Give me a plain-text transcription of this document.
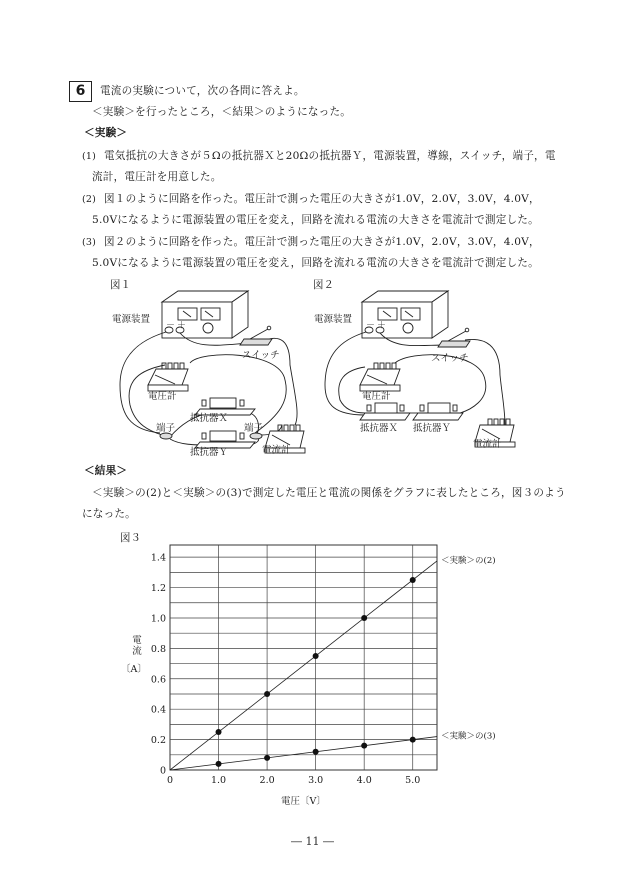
6	電流の実験について，次の各問に答えよ。
＜実験＞を行ったところ，＜結果＞のようになった。
＜実験＞
(1) 電気抵抗の大きさが５Ωの抵抗器Ｘと20Ωの抵抗器Ｙ，電源装置，導線，スイッチ，端子，電
流計，電圧計を用意した。
(2) 図１のように回路を作った。電圧計で測った電圧の大きさが1.0V，2.0V，3.0V，4.0V，
5.0Vになるように電源装置の電圧を変え，回路を流れる電流の大きさを電流計で測定した。
(3) 図２のように回路を作った。電圧計で測った電圧の大きさが1.0V，2.0V，3.0V，4.0V，
5.0Vになるように電源装置の電圧を変え，回路を流れる電流の大きさを電流計で測定した。
図１
電源装置
－ ＋
スイッチ
電圧計
抵抗器Ｘ
端子	端子
抵抗器Ｙ	電流計
図２
電源装置
－ ＋
スイッチ
電圧計
抵抗器Ｘ 抵抗器Ｙ
電流計
＜結果＞
＜実験＞の(2)と＜実験＞の(3)で測定した電圧と電流の関係をグラフに表したところ，図３のよう
になった。
図３
0
0.2
0.4
0.6
0.8
1.0
1.2
1.4
0	1.0	2.0	3.0	4.0	5.0
＜実験＞の(2)
＜実験＞の(3)
電
流
〔A〕
電圧〔V〕
― 11 ―
